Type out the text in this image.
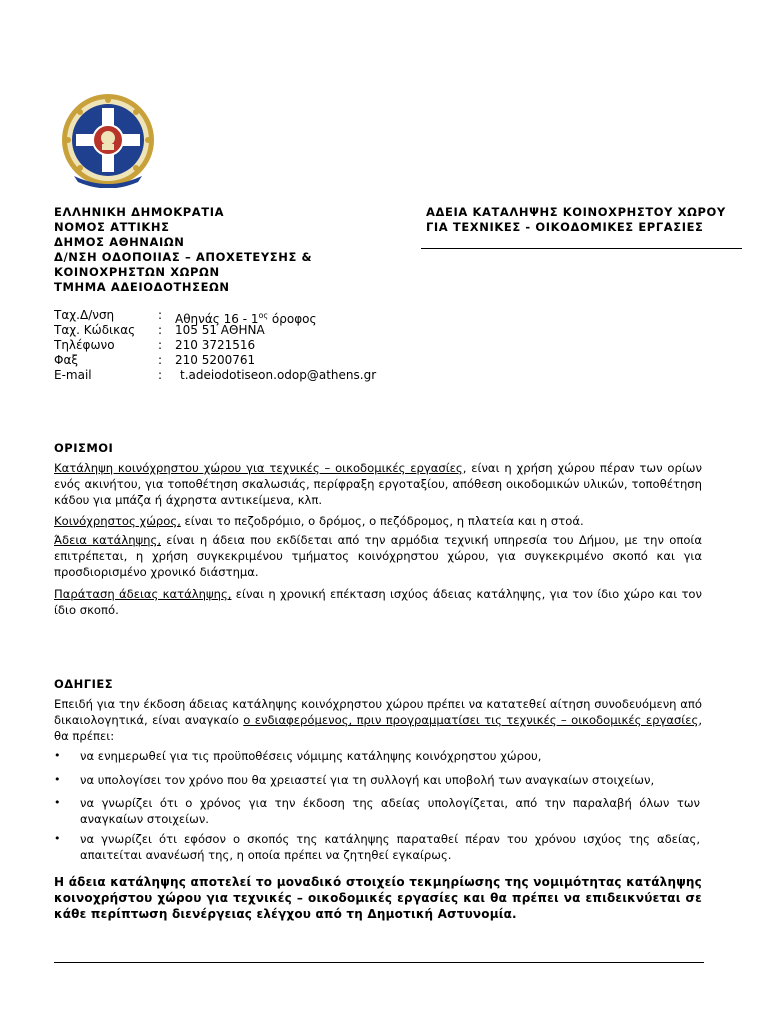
ΕΛΛΗΝΙΚΗ ΔΗΜΟΚΡΑΤΙΑ
ΝΟΜΟΣ ΑΤΤΙΚΗΣ
ΔΗΜΟΣ ΑΘΗΝΑΙΩΝ
Δ/ΝΣΗ ΟΔΟΠΟΙΙΑΣ – ΑΠΟΧΕΤΕΥΣΗΣ &
ΚΟΙΝΟΧΡΗΣΤΩΝ ΧΩΡΩΝ
ΤΜΗΜΑ ΑΔΕΙΟΔΟΤΗΣΕΩΝ
ΑΔΕΙΑ ΚΑΤΑΛΗΨΗΣ ΚΟΙΝΟΧΡΗΣΤΟΥ ΧΩΡΟΥ
ΓΙΑ ΤΕΧΝΙΚΕΣ - ΟΙΚΟΔΟΜΙΚΕΣ ΕΡΓΑΣΙΕΣ
Ταχ.Δ/νση	: Αθηνάς $16 - 1^{o\varsigma}$ όροφος
Ταχ. Κώδικας : 105 51 ΑΘΗΝΑ
Τηλέφωνο	: 210 3721516
Φαξ	: 210 5200761
E-mail	: t.adeiodotiseon.odop@athens.gr
ΟΡΙΣΜΟΙ
Κατάληψη κοινόχρηστου χώρου για τεχνικές – οικοδομικές εργασίες, είναι η χρήση χώρου πέραν των ορίων ενός ακινήτου, για τοποθέτηση σκαλωσιάς, περίφραξη εργοταξίου, απόθεση οικοδομικών υλικών, τοποθέτηση κάδου για μπάζα ή άχρηστα αντικείμενα, κλπ.
Κοινόχρηστος χώρος, είναι το πεζοδρόμιο, ο δρόμος, ο πεζόδρομος, η πλατεία και η στοά.
Άδεια κατάληψης, είναι η άδεια που εκδίδεται από την αρμόδια τεχνική υπηρεσία του Δήμου, με την οποία επιτρέπεται, η χρήση συγκεκριμένου τμήματος κοινόχρηστου χώρου, για συγκεκριμένο σκοπό και για προσδιορισμένο χρονικό διάστημα.
Παράταση άδειας κατάληψης, είναι η χρονική επέκταση ισχύος άδειας κατάληψης, για τον ίδιο χώρο και τον ίδιο σκοπό.
ΟΔΗΓΙΕΣ
Επειδή για την έκδοση άδειας κατάληψης κοινόχρηστου χώρου πρέπει να κατατεθεί αίτηση συνοδευόμενη από δικαιολογητικά, είναι αναγκαίο ο ενδιαφερόμενος, πριν προγραμματίσει τις τεχνικές – οικοδομικές εργασίες, θα πρέπει:
• να ενημερωθεί για τις προϋποθέσεις νόμιμης κατάληψης κοινόχρηστου χώρου,
• να υπολογίσει τον χρόνο που θα χρειαστεί για τη συλλογή και υποβολή των αναγκαίων στοιχείων,
• να γνωρίζει ότι ο χρόνος για την έκδοση της αδείας υπολογίζεται, από την παραλαβή όλων των αναγκαίων στοιχείων.
• να γνωρίζει ότι εφόσον ο σκοπός της κατάληψης παραταθεί πέραν του χρόνου ισχύος της αδείας, απαιτείται ανανέωσή της, η οποία πρέπει να ζητηθεί εγκαίρως.
Η άδεια κατάληψης αποτελεί το μοναδικό στοιχείο τεκμηρίωσης της νομιμότητας κατάληψης κοινοχρήστου χώρου για τεχνικές – οικοδομικές εργασίες και θα πρέπει να επιδεικνύεται σε κάθε περίπτωση διενέργειας ελέγχου από τη Δημοτική Αστυνομία.
